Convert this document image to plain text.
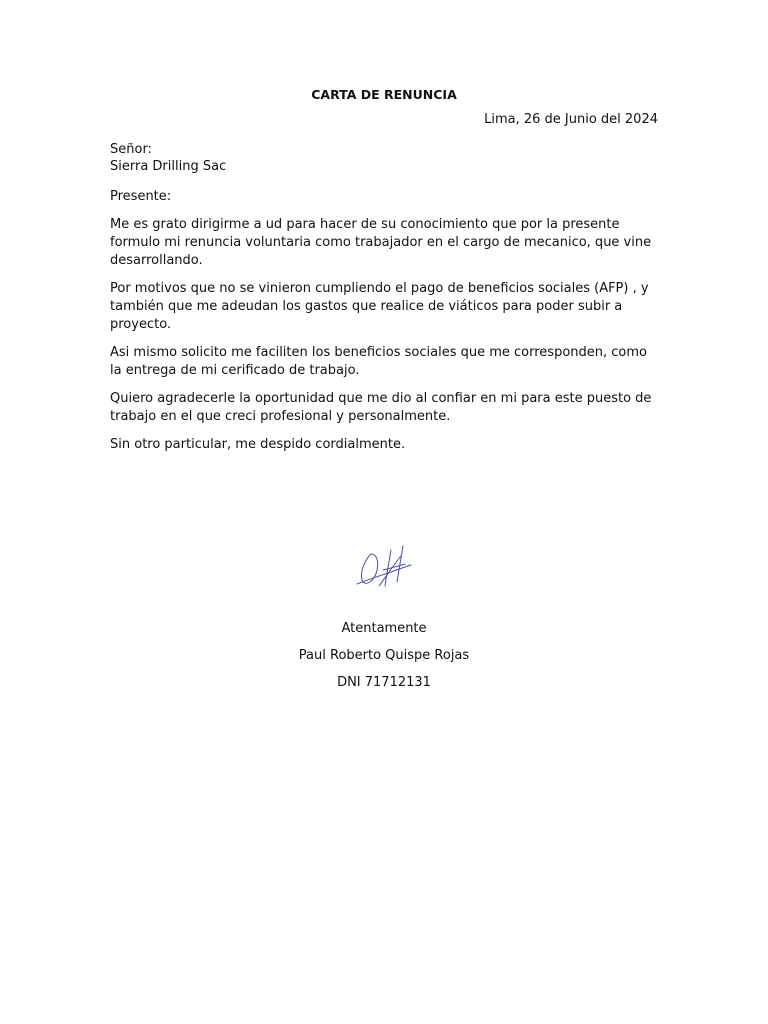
CARTA DE RENUNCIA

Lima, 26 de Junio del 2024

Señor:
Sierra Drilling Sac

Presente:

Me es grato dirigirme a ud para hacer de su conocimiento que por la presente formulo mi renuncia voluntaria como trabajador en el cargo de mecanico, que vine desarrollando.

Por motivos que no se vinieron cumpliendo el pago de beneficios sociales (AFP) , y también que me adeudan los gastos que realice de viáticos para poder subir a proyecto.

Asi mismo solicito me faciliten los beneficios sociales que me corresponden, como la entrega de mi cerificado de trabajo.

Quiero agradecerle la oportunidad que me dio al confiar en mi para este puesto de trabajo en el que creci profesional y personalmente.

Sin otro particular, me despido cordialmente.

Atentamente

Paul Roberto Quispe Rojas

DNI 71712131
